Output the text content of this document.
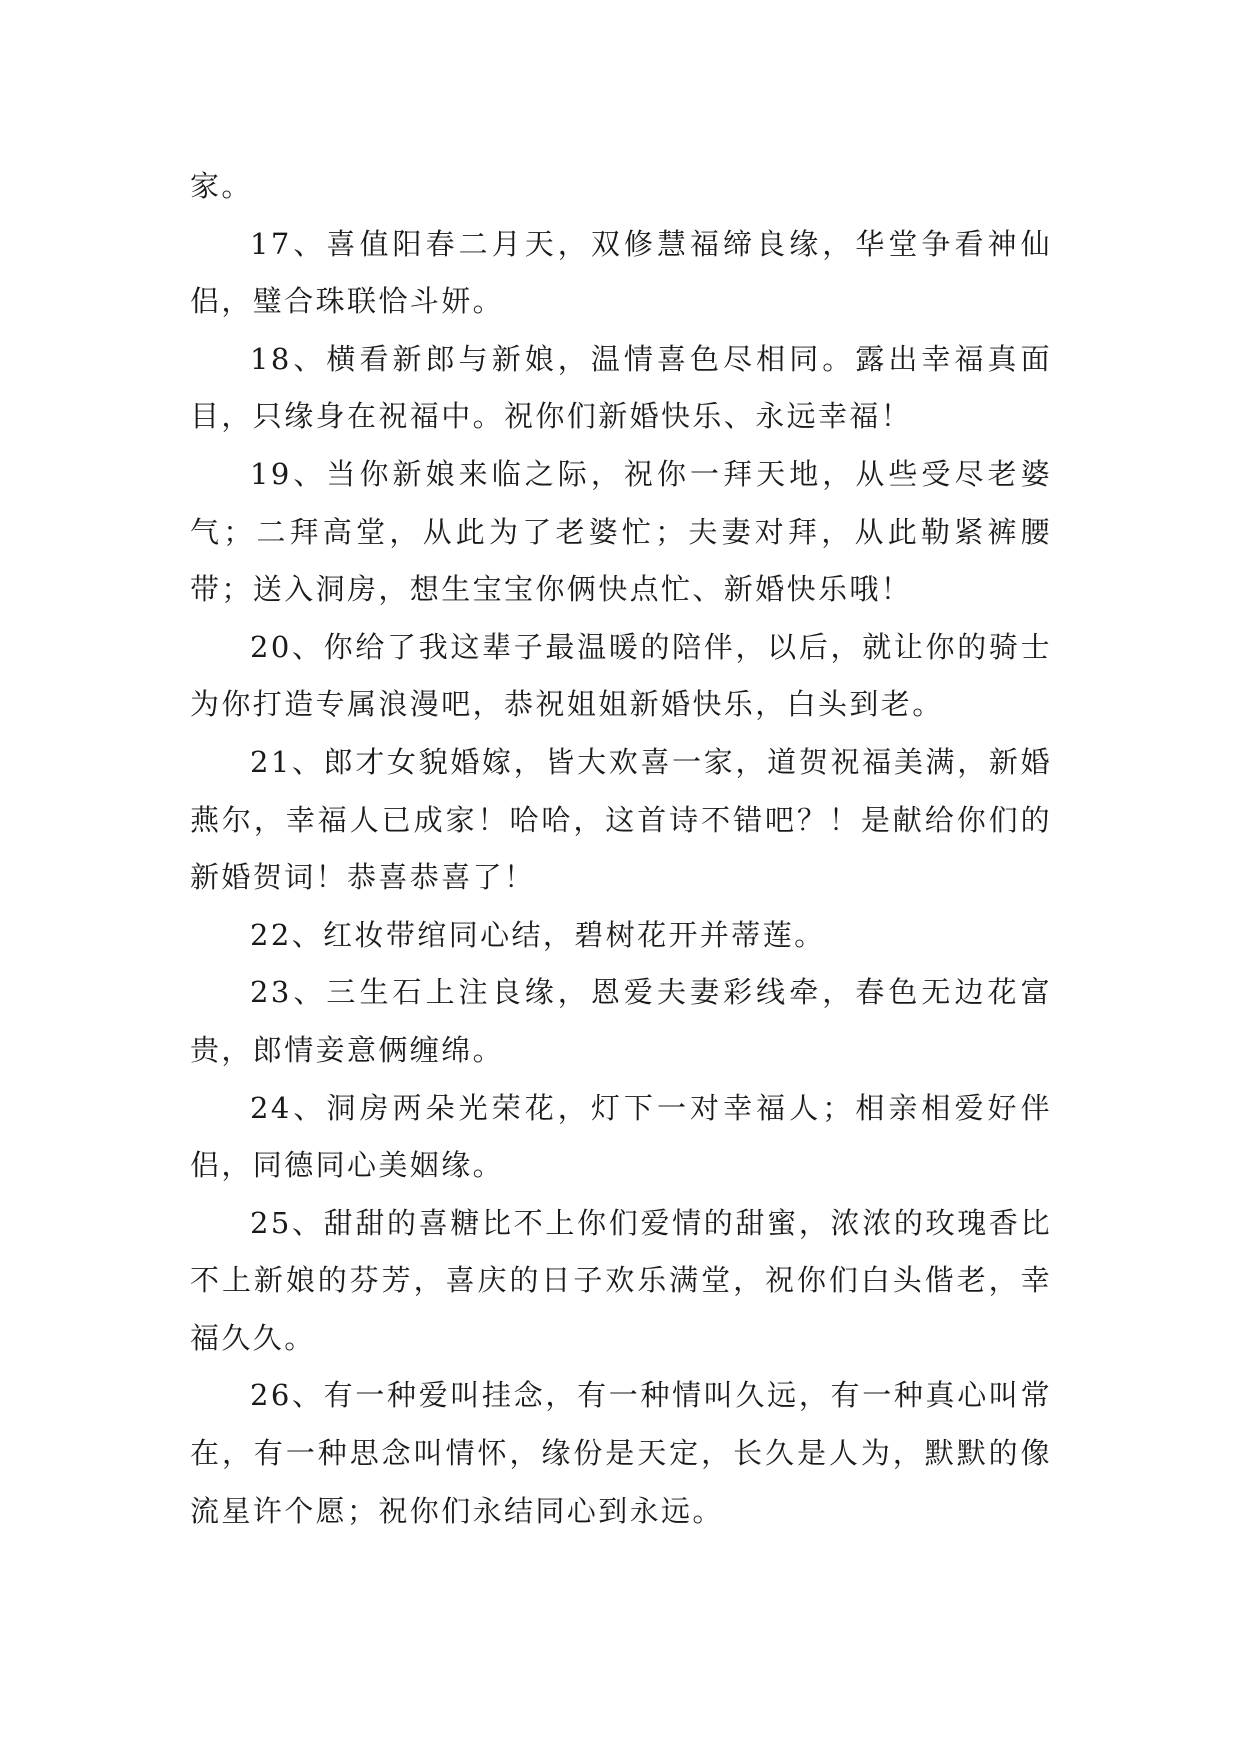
家。

17、喜值阳春二月天，双修慧福缔良缘，华堂争看神仙侣，璧合珠联恰斗妍。

18、横看新郎与新娘，温情喜色尽相同。露出幸福真面目，只缘身在祝福中。祝你们新婚快乐、永远幸福！

19、当你新娘来临之际，祝你一拜天地，从些受尽老婆气；二拜高堂，从此为了老婆忙；夫妻对拜，从此勒紧裤腰带；送入洞房，想生宝宝你俩快点忙、新婚快乐哦！

20、你给了我这辈子最温暖的陪伴，以后，就让你的骑士为你打造专属浪漫吧，恭祝姐姐新婚快乐，白头到老。

21、郎才女貌婚嫁，皆大欢喜一家，道贺祝福美满，新婚燕尔，幸福人已成家！哈哈，这首诗不错吧？！是献给你们的新婚贺词！恭喜恭喜了！

22、红妆带绾同心结，碧树花开并蒂莲。

23、三生石上注良缘，恩爱夫妻彩线牵，春色无边花富贵，郎情妾意俩缠绵。

24、洞房两朵光荣花，灯下一对幸福人；相亲相爱好伴侣，同德同心美姻缘。

25、甜甜的喜糖比不上你们爱情的甜蜜，浓浓的玫瑰香比不上新娘的芬芳，喜庆的日子欢乐满堂，祝你们白头偕老，幸福久久。

26、有一种爱叫挂念，有一种情叫久远，有一种真心叫常在，有一种思念叫情怀，缘份是天定，长久是人为，默默的像流星许个愿；祝你们永结同心到永远。
